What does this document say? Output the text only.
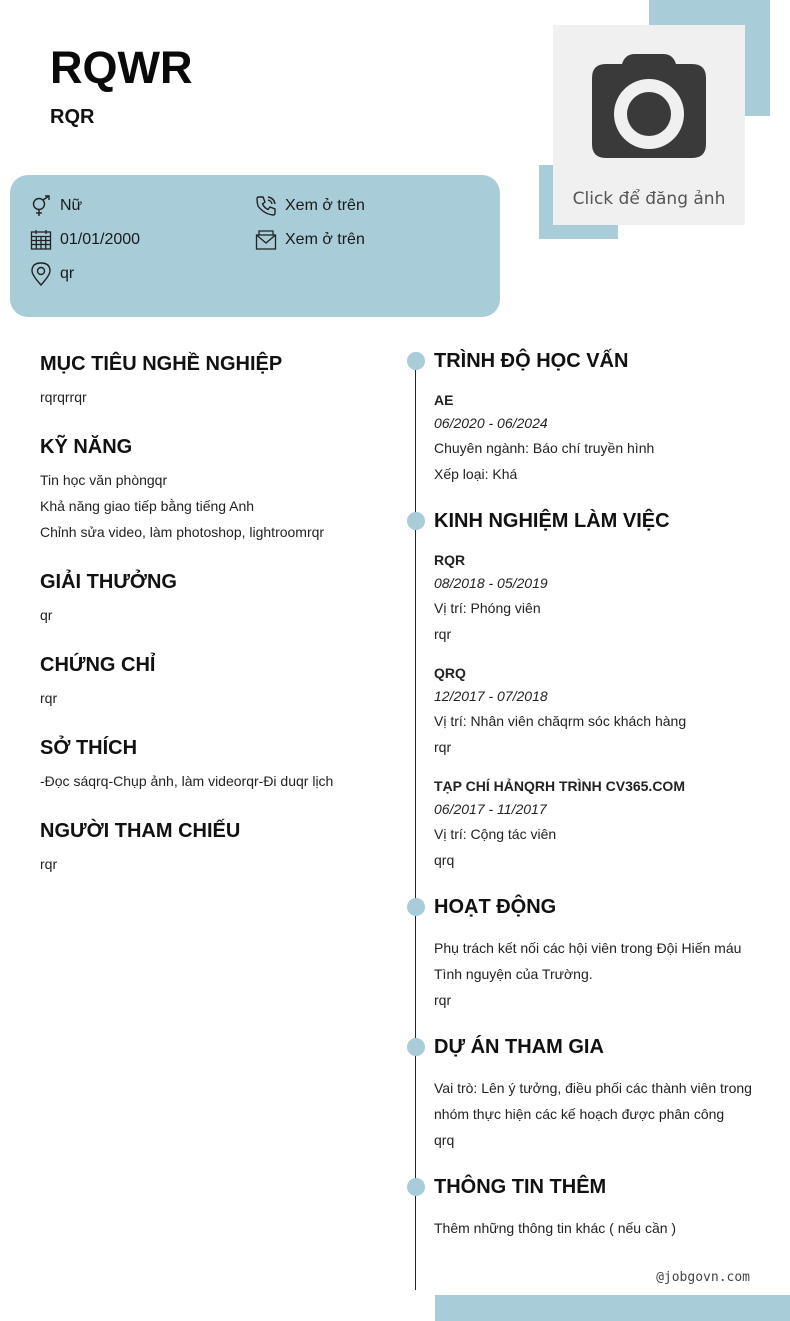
Click để đăng ảnh
RQWR
RQR
Nữ	Xem ở trên
01/01/2000	Xem ở trên
qr
MỤC TIÊU NGHỀ NGHIỆP
rqrqrrqr
KỸ NĂNG
Tin học văn phòngqr
Khả năng giao tiếp bằng tiếng Anh
Chỉnh sửa video, làm photoshop, lightroomrqr
GIẢI THƯỞNG
qr
CHỨNG CHỈ
rqr
SỞ THÍCH
-Đọc sáqrq-Chụp ảnh, làm videorqr-Đi duqr lịch
NGƯỜI THAM CHIẾU
rqr
TRÌNH ĐỘ HỌC VẤN
AE
06/2020 - 06/2024
Chuyên ngành: Báo chí truyền hình
Xếp loại: Khá
KINH NGHIỆM LÀM VIỆC
RQR
08/2018 - 05/2019
Vị trí: Phóng viên
rqr
QRQ
12/2017 - 07/2018
Vị trí: Nhân viên chăqrm sóc khách hàng
rqr
TẠP CHÍ HẢNQRH TRÌNH CV365.COM
06/2017 - 11/2017
Vị trí: Cộng tác viên
qrq
HOẠT ĐỘNG
Phụ trách kết nối các hội viên trong Đội Hiến máu
Tình nguyện của Trường.
rqr
DỰ ÁN THAM GIA
Vai trò: Lên ý tưởng, điều phối các thành viên trong
nhóm thực hiện các kế hoạch được phân công
qrq
THÔNG TIN THÊM
Thêm những thông tin khác ( nếu cần )
@jobgovn.com
